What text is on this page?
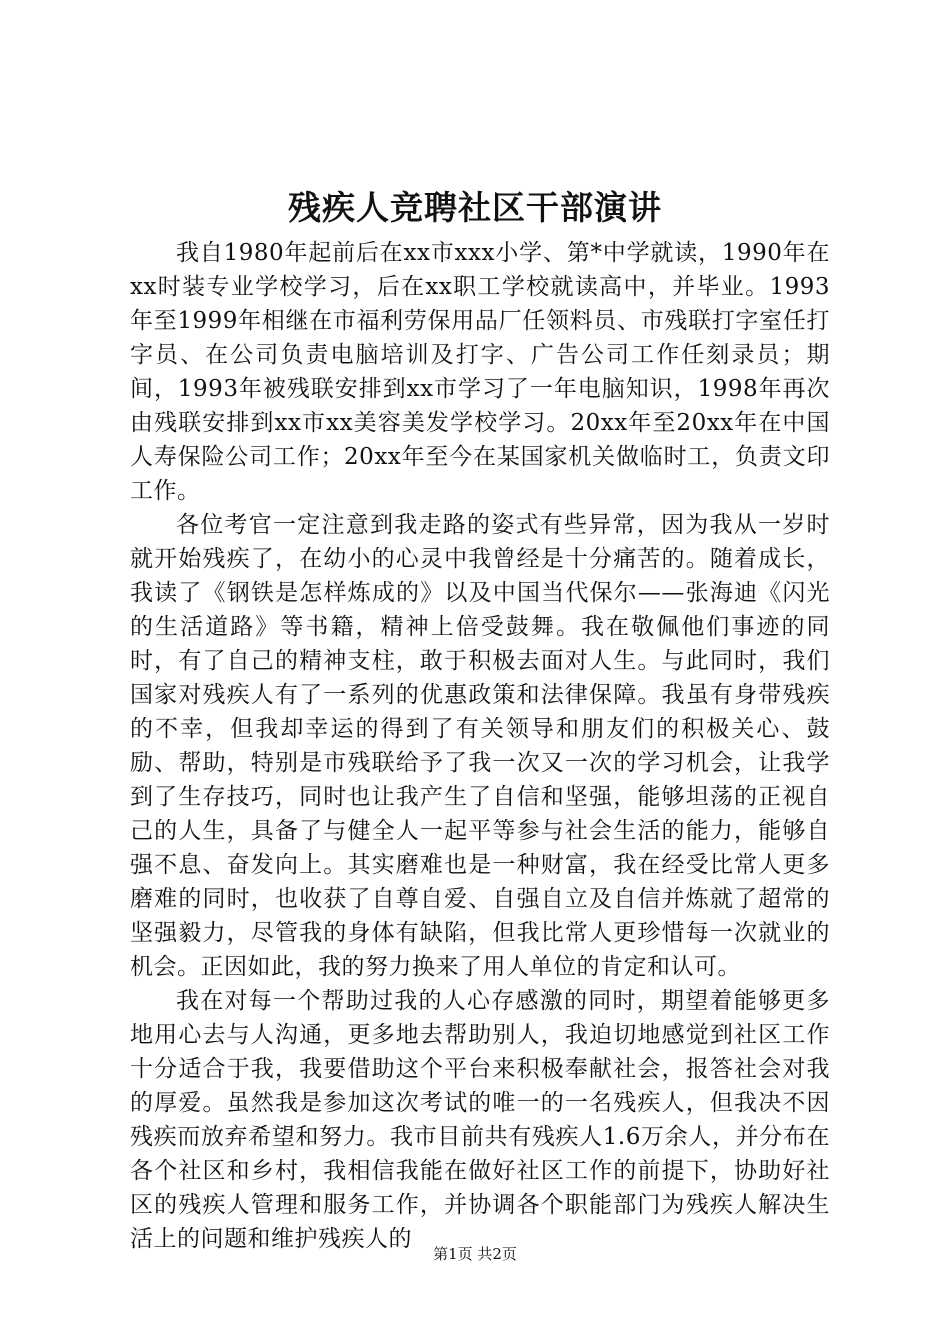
残疾人竞聘社区干部演讲

我自1980年起前后在xx市xxx小学、第*中学就读，1990年在xx时装专业学校学习，后在xx职工学校就读高中，并毕业。1993年至1999年相继在市福利劳保用品厂任领料员、市残联打字室任打字员、在公司负责电脑培训及打字、广告公司工作任刻录员；期间，1993年被残联安排到xx市学习了一年电脑知识，1998年再次由残联安排到xx市xx美容美发学校学习。20xx年至20xx年在中国人寿保险公司工作；20xx年至今在某国家机关做临时工，负责文印工作。

各位考官一定注意到我走路的姿式有些异常，因为我从一岁时就开始残疾了，在幼小的心灵中我曾经是十分痛苦的。随着成长，我读了《钢铁是怎样炼成的》以及中国当代保尔——张海迪《闪光的生活道路》等书籍，精神上倍受鼓舞。我在敬佩他们事迹的同时，有了自己的精神支柱，敢于积极去面对人生。与此同时，我们国家对残疾人有了一系列的优惠政策和法律保障。我虽有身带残疾的不幸，但我却幸运的得到了有关领导和朋友们的积极关心、鼓励、帮助，特别是市残联给予了我一次又一次的学习机会，让我学到了生存技巧，同时也让我产生了自信和坚强，能够坦荡的正视自己的人生，具备了与健全人一起平等参与社会生活的能力，能够自强不息、奋发向上。其实磨难也是一种财富，我在经受比常人更多磨难的同时，也收获了自尊自爱、自强自立及自信并炼就了超常的坚强毅力，尽管我的身体有缺陷，但我比常人更珍惜每一次就业的机会。正因如此，我的努力换来了用人单位的肯定和认可。

我在对每一个帮助过我的人心存感激的同时，期望着能够更多地用心去与人沟通，更多地去帮助别人，我迫切地感觉到社区工作十分适合于我，我要借助这个平台来积极奉献社会，报答社会对我的厚爱。虽然我是参加这次考试的唯一的一名残疾人，但我决不因残疾而放弃希望和努力。我市目前共有残疾人1.6万余人，并分布在各个社区和乡村，我相信我能在做好社区工作的前提下，协助好社区的残疾人管理和服务工作，并协调各个职能部门为残疾人解决生活上的问题和维护残疾人的

第1页 共2页
